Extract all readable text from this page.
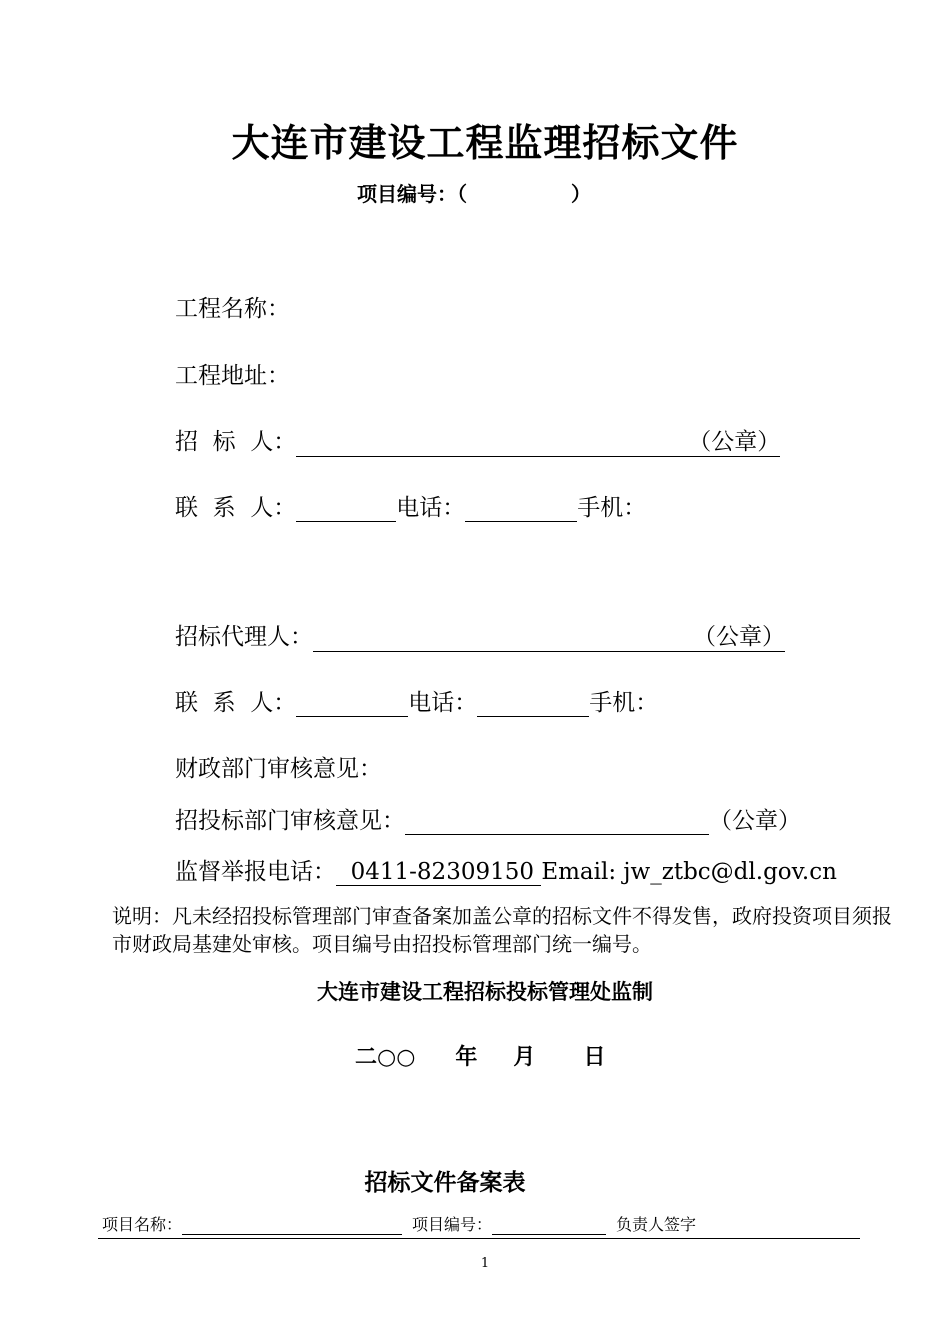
大连市建设工程监理招标文件
项目编号：（	）
工程名称：
工程地址：
招  标  人：	（公章）
联  系  人：	电话：	手机：
招标代理人：	（公章）
联  系  人：	电话：	手机：
财政部门审核意见：
招投标部门审核意见：	（公章）
监督举报电话：  0411-82309150 Email: jw_ztbc@dl.gov.cn
说明：凡未经招投标管理部门审查备案加盖公章的招标文件不得发售，政府投资项目须报市财政局基建处审核。项目编号由招投标管理部门统一编号。
大连市建设工程招标投标管理处监制
二○○ 年 月 日
招标文件备案表
项目名称：	项目编号：	负责人签字
1
